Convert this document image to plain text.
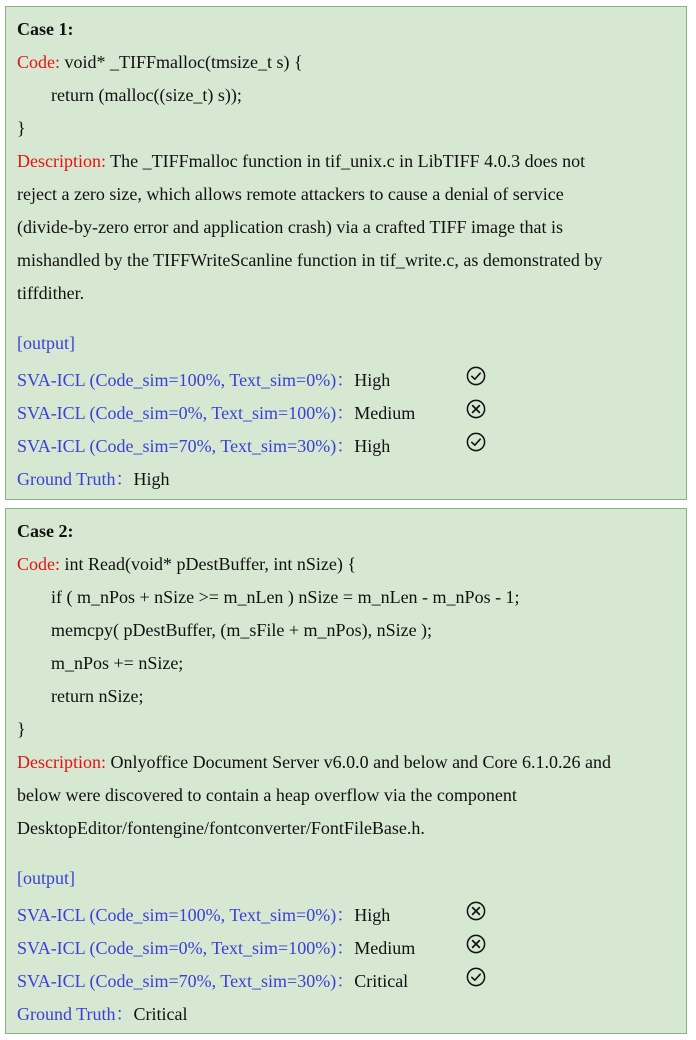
Case 1:
Code: void* _TIFFmalloc(tmsize_t s) {
return (malloc((size_t) s));
}
Description: The _TIFFmalloc function in tif_unix.c in LibTIFF 4.0.3 does not
reject a zero size, which allows remote attackers to cause a denial of service
(divide-by-zero error and application crash) via a crafted TIFF image that is
mishandled by the TIFFWriteScanline function in tif_write.c, as demonstrated by
tiffdither.
[output]
SVA-ICL (Code_sim=100%, Text_sim=0%)：High
SVA-ICL (Code_sim=0%, Text_sim=100%)：Medium
SVA-ICL (Code_sim=70%, Text_sim=30%)：High
Ground Truth：High
Case 2:
Code: int Read(void* pDestBuffer, int nSize) {
if ( m_nPos + nSize >= m_nLen ) nSize = m_nLen - m_nPos - 1;
memcpy( pDestBuffer, (m_sFile + m_nPos), nSize );
m_nPos += nSize;
return nSize;
}
Description: Onlyoffice Document Server v6.0.0 and below and Core 6.1.0.26 and
below were discovered to contain a heap overflow via the component
DesktopEditor/fontengine/fontconverter/FontFileBase.h.
[output]
SVA-ICL (Code_sim=100%, Text_sim=0%)：High
SVA-ICL (Code_sim=0%, Text_sim=100%)：Medium
SVA-ICL (Code_sim=70%, Text_sim=30%)：Critical
Ground Truth：Critical
